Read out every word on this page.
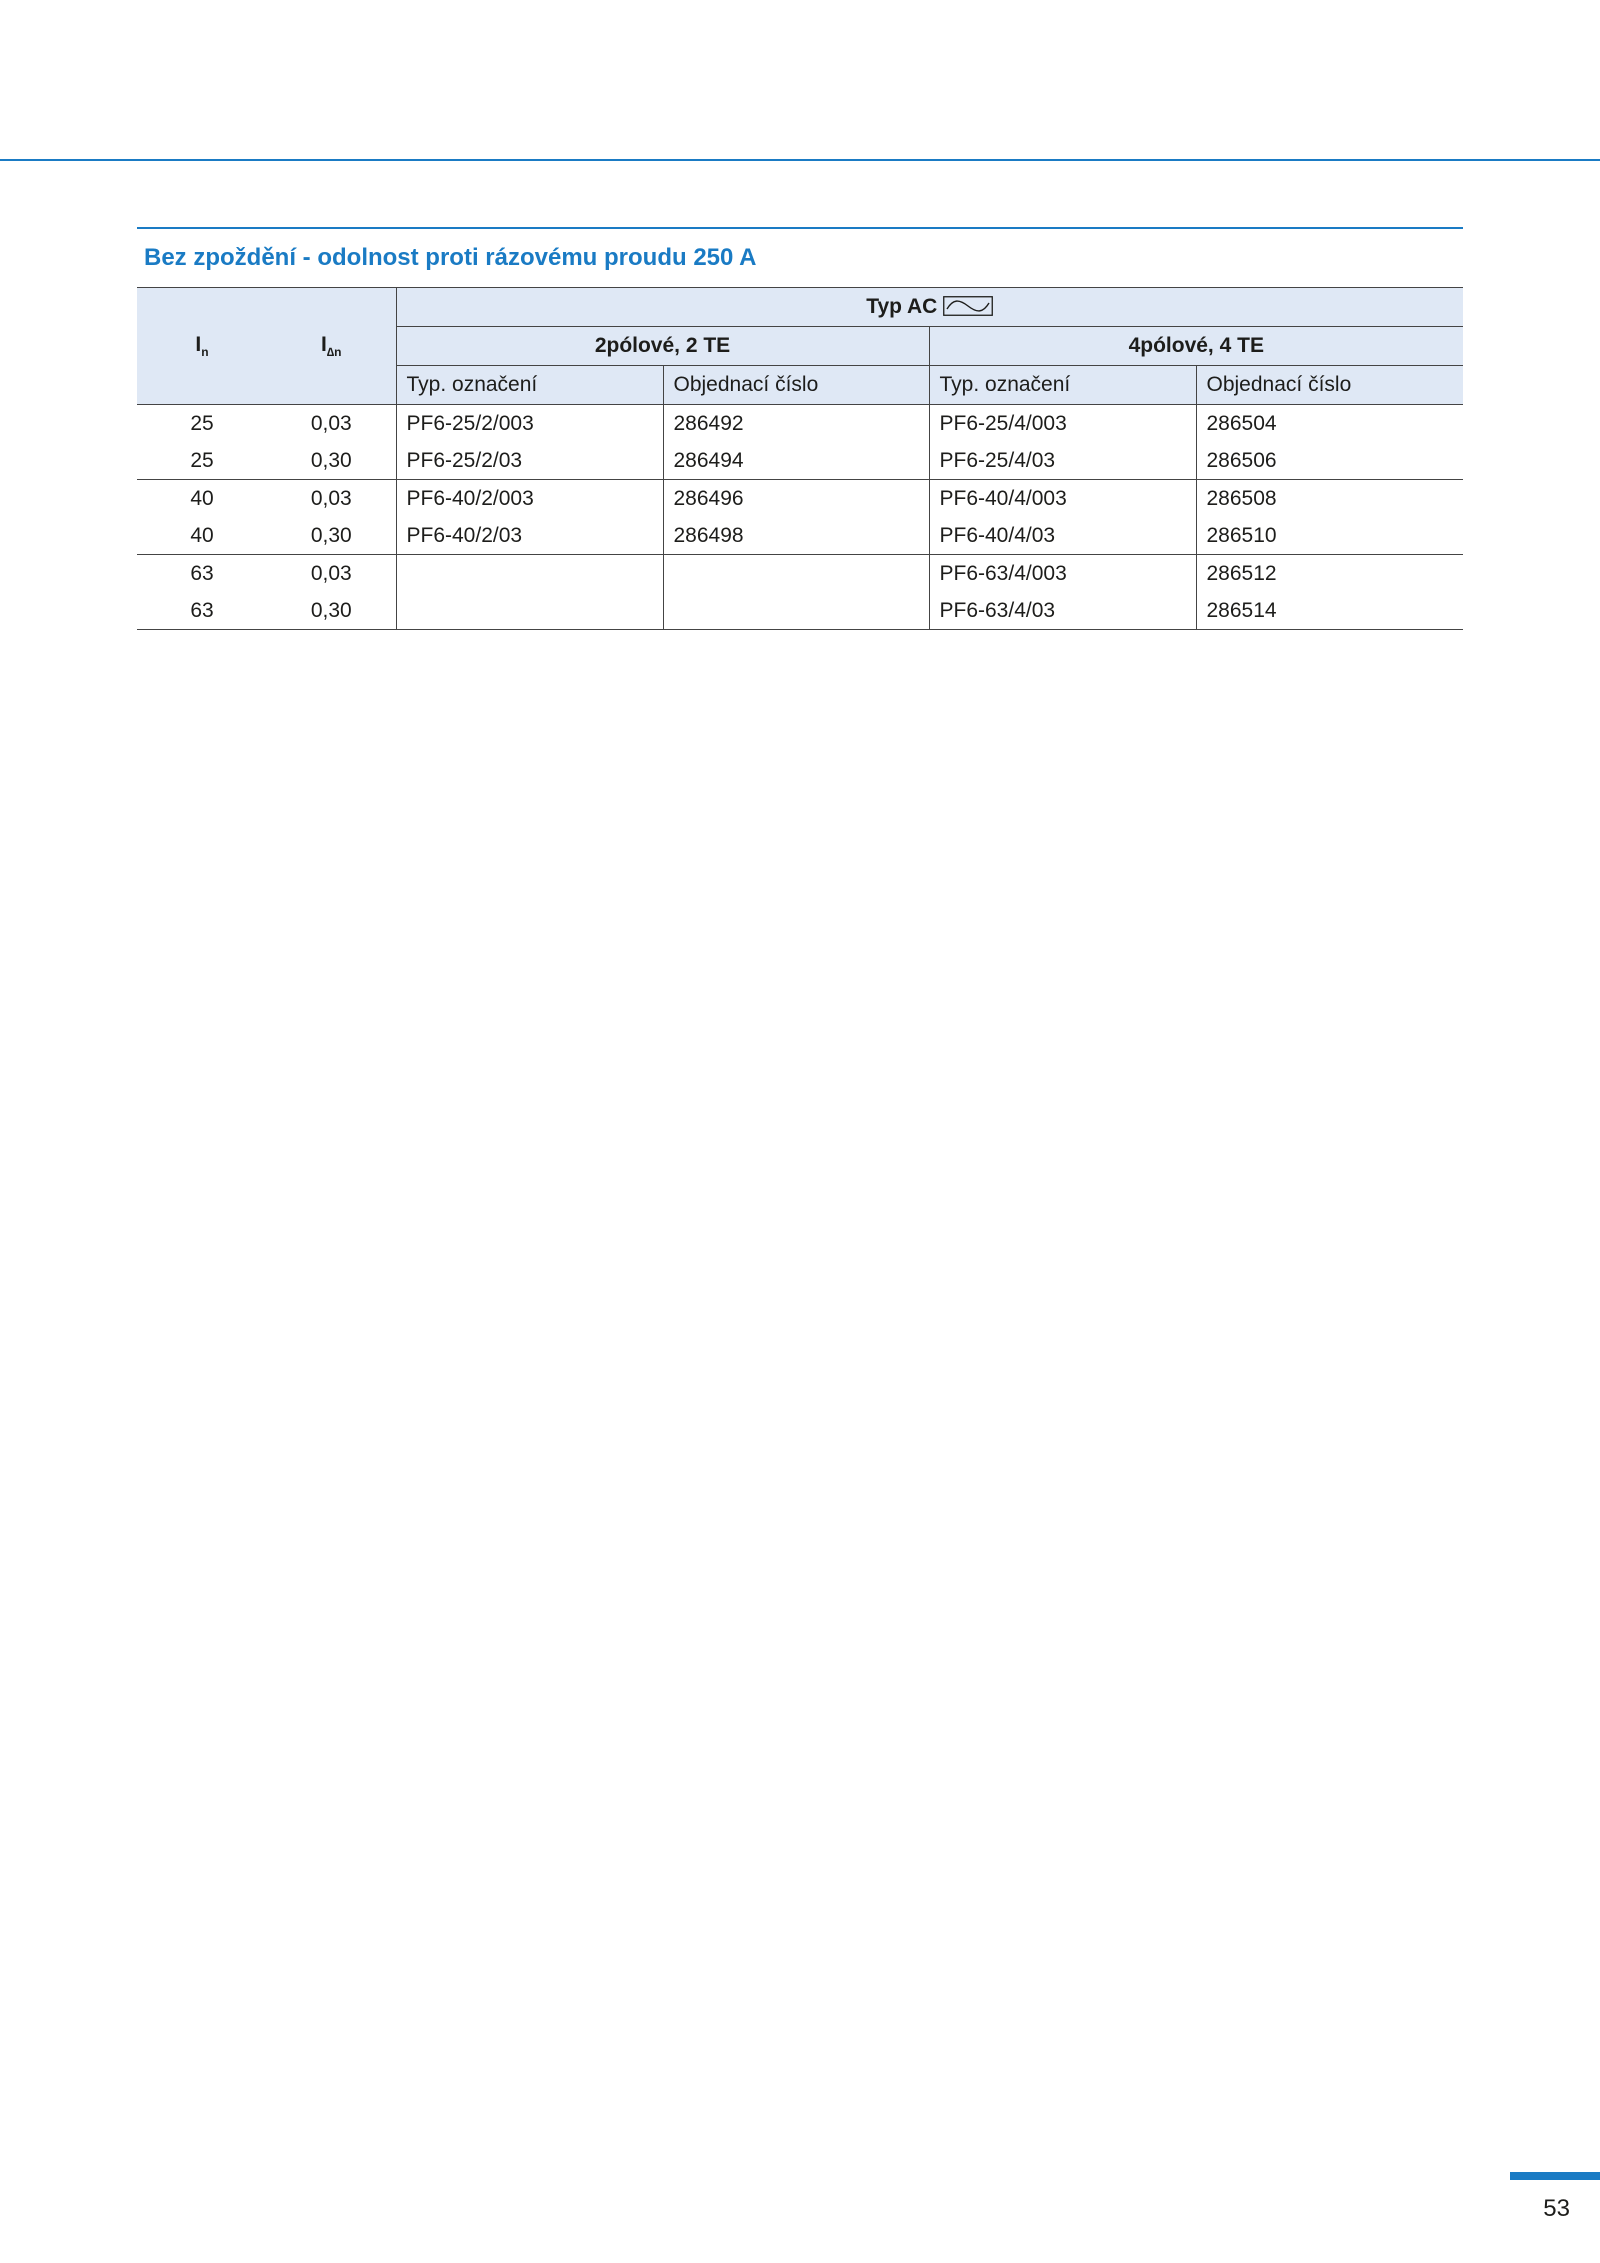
Bez zpoždění - odolnost proti rázovému proudu 250 A
$I_n$	$I_{\Delta n}$	Typ AC			
		2pólové, 2 TE		4pólové, 4 TE	
		Typ. označení	Objednací číslo	Typ. označení	Objednací číslo
25	0,03	PF6-25/2/003	286492	PF6-25/4/003	286504
25	0,30	PF6-25/2/03	286494	PF6-25/4/03	286506
40	0,03	PF6-40/2/003	286496	PF6-40/4/003	286508
40	0,30	PF6-40/2/03	286498	PF6-40/4/03	286510
63	0,03			PF6-63/4/003	286512
63	0,30			PF6-63/4/03	286514
53
